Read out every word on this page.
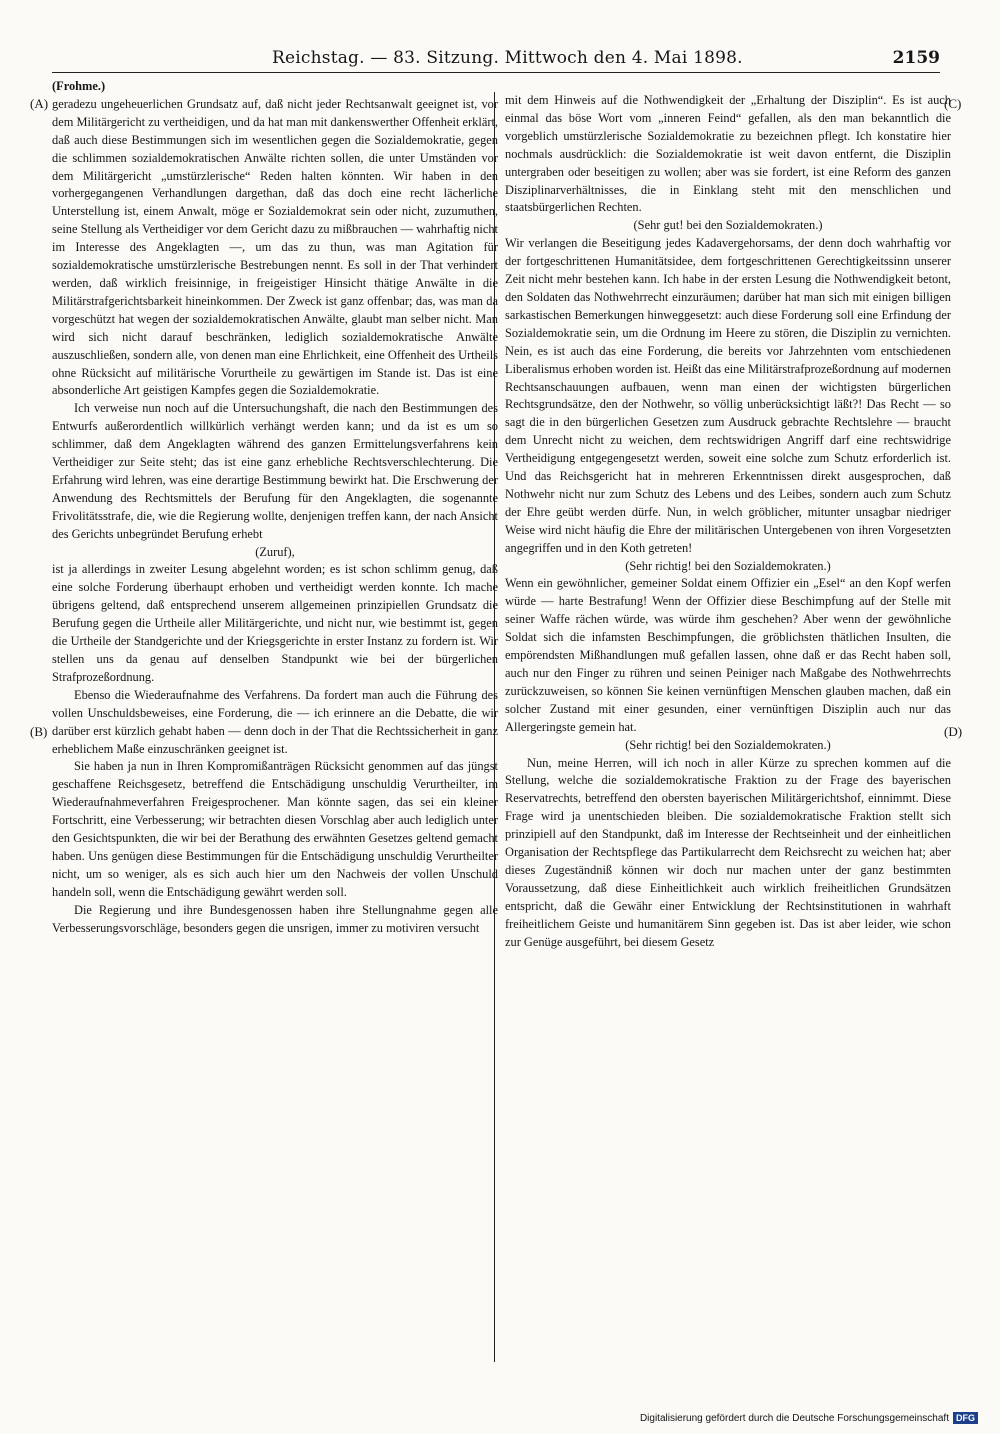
Reichstag. — 83. Sitzung. Mittwoch den 4. Mai 1898.	2159
(A)
(B)
(C)
(D)

(Frohme.)

geradezu ungeheuerlichen Grundsatz auf, daß nicht jeder Rechtsanwalt geeignet ist, vor dem Militärgericht zu vertheidigen, und da hat man mit dankenswerther Offenheit erklärt, daß auch diese Bestimmungen sich im wesentlichen gegen die Sozialdemokratie, gegen die schlimmen sozialdemokratischen Anwälte richten sollen, die unter Umständen vor dem Militärgericht „umstürzlerische“ Reden halten könnten. Wir haben in den vorhergegangenen Verhandlungen dargethan, daß das doch eine recht lächerliche Unterstellung ist, einem Anwalt, möge er Sozialdemokrat sein oder nicht, zuzumuthen, seine Stellung als Vertheidiger vor dem Gericht dazu zu mißbrauchen — wahrhaftig nicht im Interesse des Angeklagten —, um das zu thun, was man Agitation für sozialdemokratische umstürzlerische Bestrebungen nennt. Es soll in der That verhindert werden, daß wirklich freisinnige, in freigeistiger Hinsicht thätige Anwälte in die Militärstrafgerichtsbarkeit hineinkommen. Der Zweck ist ganz offenbar; das, was man da vorgeschützt hat wegen der sozialdemokratischen Anwälte, glaubt man selber nicht. Man wird sich nicht darauf beschränken, lediglich sozialdemokratische Anwälte auszuschließen, sondern alle, von denen man eine Ehrlichkeit, eine Offenheit des Urtheils ohne Rücksicht auf militärische Vorurtheile zu gewärtigen im Stande ist. Das ist eine absonderliche Art geistigen Kampfes gegen die Sozialdemokratie.

Ich verweise nun noch auf die Untersuchungshaft, die nach den Bestimmungen des Entwurfs außerordentlich willkürlich verhängt werden kann; und da ist es um so schlimmer, daß dem Angeklagten während des ganzen Ermittelungsverfahrens kein Vertheidiger zur Seite steht; das ist eine ganz erhebliche Rechtsverschlechterung. Die Erfahrung wird lehren, was eine derartige Bestimmung bewirkt hat. Die Erschwerung der Anwendung des Rechtsmittels der Berufung für den Angeklagten, die sogenannte Frivolitätsstrafe, die, wie die Regierung wollte, denjenigen treffen kann, der nach Ansicht des Gerichts unbegründet Berufung erhebt

(Zuruf),

ist ja allerdings in zweiter Lesung abgelehnt worden; es ist schon schlimm genug, daß eine solche Forderung überhaupt erhoben und vertheidigt werden konnte. Ich mache übrigens geltend, daß entsprechend unserem allgemeinen prinzipiellen Grundsatz die Berufung gegen die Urtheile aller Militärgerichte, und nicht nur, wie bestimmt ist, gegen die Urtheile der Standgerichte und der Kriegsgerichte in erster Instanz zu fordern ist. Wir stellen uns da genau auf denselben Standpunkt wie bei der bürgerlichen Strafprozeßordnung.

Ebenso die Wiederaufnahme des Verfahrens. Da fordert man auch die Führung des vollen Unschuldsbeweises, eine Forderung, die — ich erinnere an die Debatte, die wir darüber erst kürzlich gehabt haben — denn doch in der That die Rechtssicherheit in ganz erheblichem Maße einzuschränken geeignet ist.

Sie haben ja nun in Ihren Kompromißanträgen Rücksicht genommen auf das jüngst geschaffene Reichsgesetz, betreffend die Entschädigung unschuldig Verurtheilter, im Wiederaufnahmeverfahren Freigesprochener. Man könnte sagen, das sei ein kleiner Fortschritt, eine Verbesserung; wir betrachten diesen Vorschlag aber auch lediglich unter den Gesichtspunkten, die wir bei der Berathung des erwähnten Gesetzes geltend gemacht haben. Uns genügen diese Bestimmungen für die Entschädigung unschuldig Verurtheilter nicht, um so weniger, als es sich auch hier um den Nachweis der vollen Unschuld handeln soll, wenn die Entschädigung gewährt werden soll.

Die Regierung und ihre Bundesgenossen haben ihre Stellungnahme gegen alle Verbesserungsvorschläge, besonders gegen die unsrigen, immer zu motiviren versucht

mit dem Hinweis auf die Nothwendigkeit der „Erhaltung der Disziplin“. Es ist auch einmal das böse Wort vom „inneren Feind“ gefallen, als den man bekanntlich die vorgeblich umstürzlerische Sozialdemokratie zu bezeichnen pflegt. Ich konstatire hier nochmals ausdrücklich: die Sozialdemokratie ist weit davon entfernt, die Disziplin untergraben oder beseitigen zu wollen; aber was sie fordert, ist eine Reform des ganzen Disziplinarverhältnisses, die in Einklang steht mit den menschlichen und staatsbürgerlichen Rechten.

(Sehr gut! bei den Sozialdemokraten.)

Wir verlangen die Beseitigung jedes Kadavergehorsams, der denn doch wahrhaftig vor der fortgeschrittenen Humanitätsidee, dem fortgeschrittenen Gerechtigkeitssinn unserer Zeit nicht mehr bestehen kann. Ich habe in der ersten Lesung die Nothwendigkeit betont, den Soldaten das Nothwehrrecht einzuräumen; darüber hat man sich mit einigen billigen sarkastischen Bemerkungen hinweggesetzt: auch diese Forderung soll eine Erfindung der Sozialdemokratie sein, um die Ordnung im Heere zu stören, die Disziplin zu vernichten. Nein, es ist auch das eine Forderung, die bereits vor Jahrzehnten vom entschiedenen Liberalismus erhoben worden ist. Heißt das eine Militärstrafprozeßordnung auf modernen Rechtsanschauungen aufbauen, wenn man einen der wichtigsten bürgerlichen Rechtsgrundsätze, den der Nothwehr, so völlig unberücksichtigt läßt?! Das Recht — so sagt die in den bürgerlichen Gesetzen zum Ausdruck gebrachte Rechtslehre — braucht dem Unrecht nicht zu weichen, dem rechtswidrigen Angriff darf eine rechtswidrige Vertheidigung entgegengesetzt werden, soweit eine solche zum Schutz erforderlich ist. Und das Reichsgericht hat in mehreren Erkenntnissen direkt ausgesprochen, daß Nothwehr nicht nur zum Schutz des Lebens und des Leibes, sondern auch zum Schutz der Ehre geübt werden dürfe. Nun, in welch gröblicher, mitunter unsagbar niedriger Weise wird nicht häufig die Ehre der militärischen Untergebenen von ihren Vorgesetzten angegriffen und in den Koth getreten!

(Sehr richtig! bei den Sozialdemokraten.)

Wenn ein gewöhnlicher, gemeiner Soldat einem Offizier ein „Esel“ an den Kopf werfen würde — harte Bestrafung! Wenn der Offizier diese Beschimpfung auf der Stelle mit seiner Waffe rächen würde, was würde ihm geschehen? Aber wenn der gewöhnliche Soldat sich die infamsten Beschimpfungen, die gröblichsten thätlichen Insulten, die empörendsten Mißhandlungen muß gefallen lassen, ohne daß er das Recht haben soll, auch nur den Finger zu rühren und seinen Peiniger nach Maßgabe des Nothwehrrechts zurückzuweisen, so können Sie keinen vernünftigen Menschen glauben machen, daß ein solcher Zustand mit einer gesunden, einer vernünftigen Disziplin auch nur das Allergeringste gemein hat.

(Sehr richtig! bei den Sozialdemokraten.)

Nun, meine Herren, will ich noch in aller Kürze zu sprechen kommen auf die Stellung, welche die sozialdemokratische Fraktion zu der Frage des bayerischen Reservatrechts, betreffend den obersten bayerischen Militärgerichtshof, einnimmt. Diese Frage wird ja unentschieden bleiben. Die sozialdemokratische Fraktion stellt sich prinzipiell auf den Standpunkt, daß im Interesse der Rechtseinheit und der einheitlichen Organisation der Rechtspflege das Partikularrecht dem Reichsrecht zu weichen hat; aber dieses Zugeständniß können wir doch nur machen unter der ganz bestimmten Voraussetzung, daß diese Einheitlichkeit auch wirklich freiheitlichen Grundsätzen entspricht, daß die Gewähr einer Entwicklung der Rechtsinstitutionen in wahrhaft freiheitlichem Geiste und humanitärem Sinn gegeben ist. Das ist aber leider, wie schon zur Genüge ausgeführt, bei diesem Gesetz

Digitalisierung gefördert durch die Deutsche Forschungsgemeinschaft DFG
